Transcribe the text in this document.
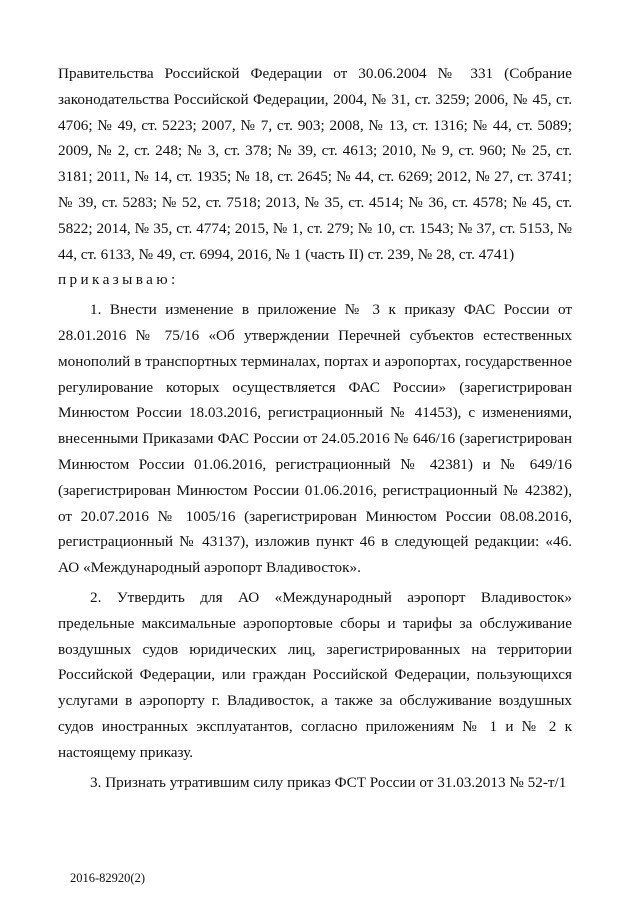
Правительства Российской Федерации от 30.06.2004 № 331 (Собрание законодательства Российской Федерации, 2004, № 31, ст. 3259; 2006, № 45, ст. 4706; № 49, ст. 5223; 2007, № 7, ст. 903; 2008, № 13, ст. 1316; № 44, ст. 5089; 2009, № 2, ст. 248; № 3, ст. 378; № 39, ст. 4613; 2010, № 9, ст. 960; № 25, ст. 3181; 2011, № 14, ст. 1935; № 18, ст. 2645; № 44, ст. 6269; 2012, № 27, ст. 3741; № 39, ст. 5283; № 52, ст. 7518; 2013, № 35, ст. 4514; № 36, ст. 4578; № 45, ст. 5822; 2014, № 35, ст. 4774; 2015, № 1, ст. 279; № 10, ст. 1543; № 37, ст. 5153, № 44, ст. 6133, № 49, ст. 6994, 2016, № 1 (часть II) ст. 239, № 28, ст. 4741)

приказываю:

1. Внести изменение в приложение № 3 к приказу ФАС России от 28.01.2016 № 75/16 «Об утверждении Перечней субъектов естественных монополий в транспортных терминалах, портах и аэропортах, государственное регулирование которых осуществляется ФАС России» (зарегистрирован Минюстом России 18.03.2016, регистрационный № 41453), с изменениями, внесенными Приказами ФАС России от 24.05.2016 № 646/16 (зарегистрирован Минюстом России 01.06.2016, регистрационный № 42381) и № 649/16 (зарегистрирован Минюстом России 01.06.2016, регистрационный № 42382), от 20.07.2016 № 1005/16 (зарегистрирован Минюстом России 08.08.2016, регистрационный № 43137), изложив пункт 46 в следующей редакции: «46. АО «Международный аэропорт Владивосток».

2. Утвердить для АО «Международный аэропорт Владивосток» предельные максимальные аэропортовые сборы и тарифы за обслуживание воздушных судов юридических лиц, зарегистрированных на территории Российской Федерации, или граждан Российской Федерации, пользующихся услугами в аэропорту г. Владивосток, а также за обслуживание воздушных судов иностранных эксплуатантов, согласно приложениям № 1 и № 2 к настоящему приказу.

3. Признать утратившим силу приказ ФСТ России от 31.03.2013 № 52-т/1

2016-82920(2)
